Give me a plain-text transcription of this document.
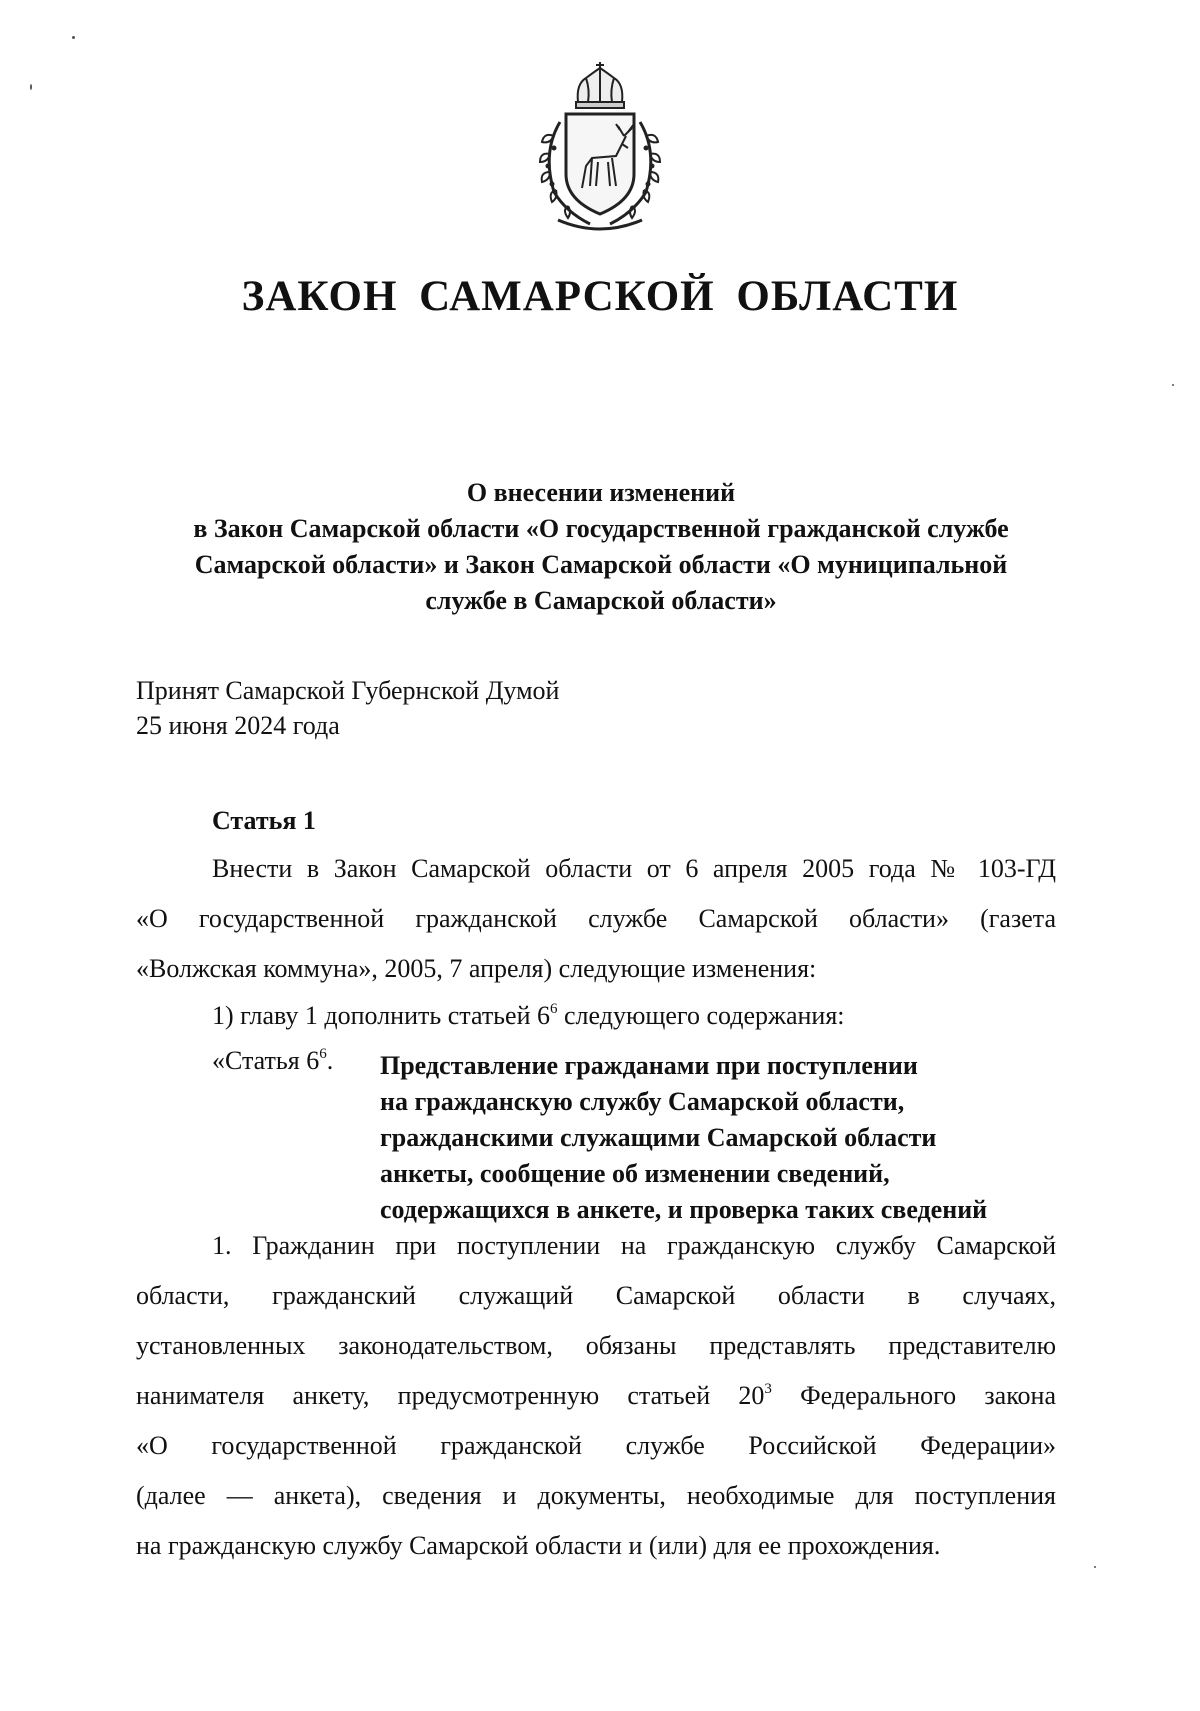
ЗАКОН САМАРСКОЙ ОБЛАСТИ
О внесении изменений
в Закон Самарской области «О государственной гражданской службе
Самарской области» и Закон Самарской области «О муниципальной
службе в Самарской области»
Принят Самарской Губернской Думой
25 июня 2024 года
Статья 1
Внести в Закон Самарской области от 6 апреля 2005 года № 103-ГД
«О государственной гражданской службе Самарской области» (газета
«Волжская коммуна», 2005, 7 апреля) следующие изменения:
1) главу 1 дополнить статьей $6^6$ следующего содержания:
«Статья $6^6$. Представление гражданами при поступлении
на гражданскую службу Самарской области,
гражданскими служащими Самарской области
анкеты, сообщение об изменении сведений,
содержащихся в анкете, и проверка таких сведений
1. Гражданин при поступлении на гражданскую службу Самарской
области, гражданский служащий Самарской области в случаях,
установленных законодательством, обязаны представлять представителю
нанимателя анкету, предусмотренную статьей $20^3$ Федерального закона
«О государственной гражданской службе Российской Федерации»
(далее — анкета), сведения и документы, необходимые для поступления
на гражданскую службу Самарской области и (или) для ее прохождения.
